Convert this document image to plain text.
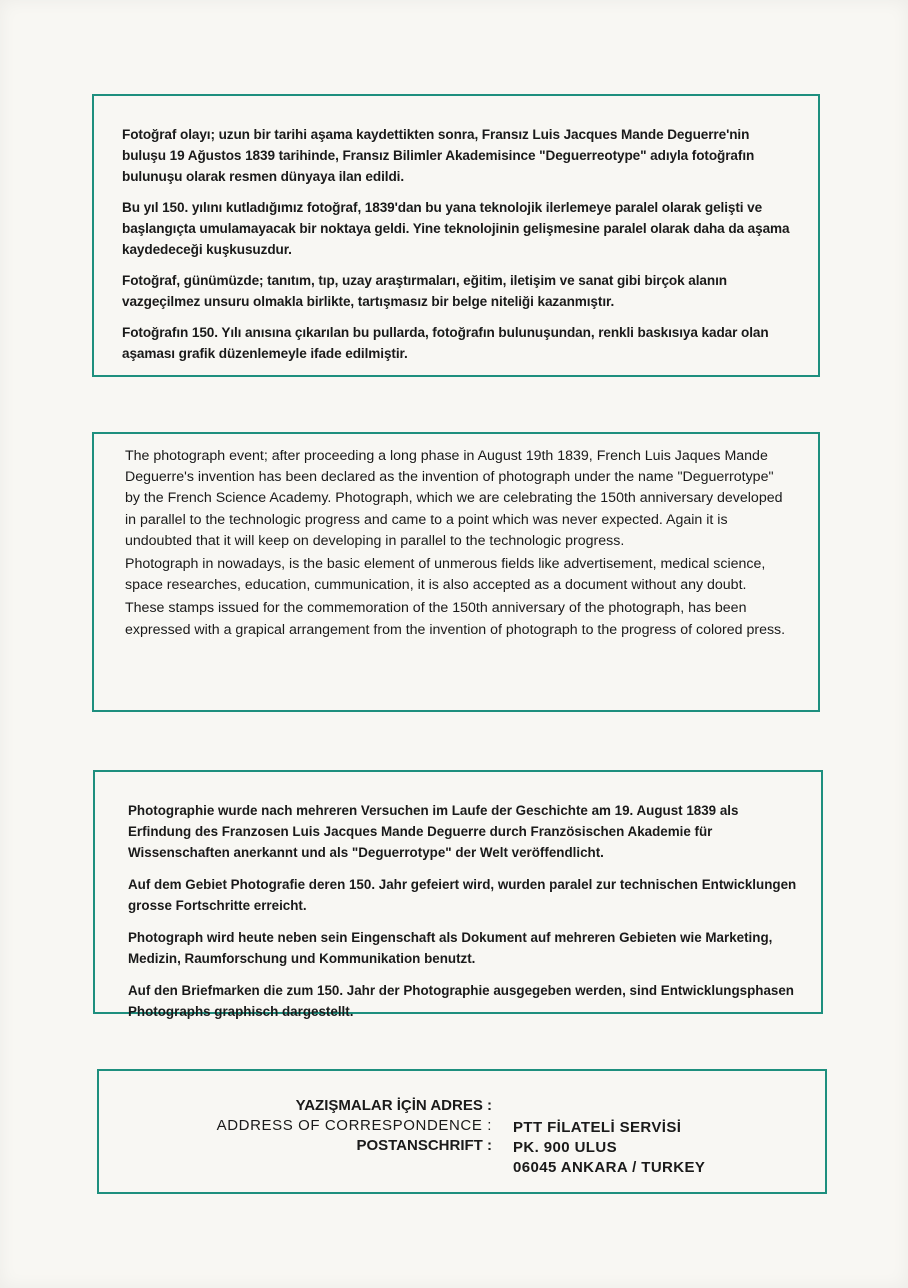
Fotoğraf olayı; uzun bir tarihi aşama kaydettikten sonra, Fransız Luis Jacques Mande Deguerre'nin buluşu 19 Ağustos 1839 tarihinde, Fransız Bilimler Akademisince "Deguerreotype" adıyla fotoğrafın bulunuşu olarak resmen dünyaya ilan edildi.

Bu yıl 150. yılını kutladığımız fotoğraf, 1839'dan bu yana teknolojik ilerlemeye paralel olarak gelişti ve başlangıçta umulamayacak bir noktaya geldi. Yine teknolojinin gelişmesine paralel olarak daha da aşama kaydedeceği kuşkusuzdur.

Fotoğraf, günümüzde; tanıtım, tıp, uzay araştırmaları, eğitim, iletişim ve sanat gibi birçok alanın vazgeçilmez unsuru olmakla birlikte, tartışmasız bir belge niteliği kazanmıştır.

Fotoğrafın 150. Yılı anısına çıkarılan bu pullarda, fotoğrafın bulunuşundan, renkli baskısıya kadar olan aşaması grafik düzenlemeyle ifade edilmiştir.

The photograph event; after proceeding a long phase in August 19th 1839, French Luis Jaques Mande Deguerre's invention has been declared as the invention of photograph under the name "Deguerrotype" by the French Science Academy. Photograph, which we are celebrating the 150th anniversary developed in parallel to the technologic progress and came to a point which was never expected. Again it is undoubted that it will keep on developing in parallel to the technologic progress.

Photograph in nowadays, is the basic element of unmerous fields like advertisement, medical science, space researches, education, cummunication, it is also accepted as a document without any doubt.

These stamps issued for the commemoration of the 150th anniversary of the photograph, has been expressed with a grapical arrangement from the invention of photograph to the progress of colored press.

Photographie wurde nach mehreren Versuchen im Laufe der Geschichte am 19. August 1839 als Erfindung des Franzosen Luis Jacques Mande Deguerre durch Französischen Akademie für Wissenschaften anerkannt und als "Deguerrotype" der Welt veröffendlicht.

Auf dem Gebiet Photografie deren 150. Jahr gefeiert wird, wurden paralel zur technischen Entwicklungen grosse Fortschritte erreicht.

Photograph wird heute neben sein Eingenschaft als Dokument auf mehreren Gebieten wie Marketing, Medizin, Raumforschung und Kommunikation benutzt.

Auf den Briefmarken die zum 150. Jahr der Photographie ausgegeben werden, sind Entwicklungsphasen Photographs graphisch dargestellt.

YAZIŞMALAR İÇİN ADRES :
ADDRESS OF CORRESPONDENCE :
POSTANSCHRIFT :
PTT FİLATELİ SERVİSİ
PK. 900 ULUS
06045 ANKARA / TURKEY
